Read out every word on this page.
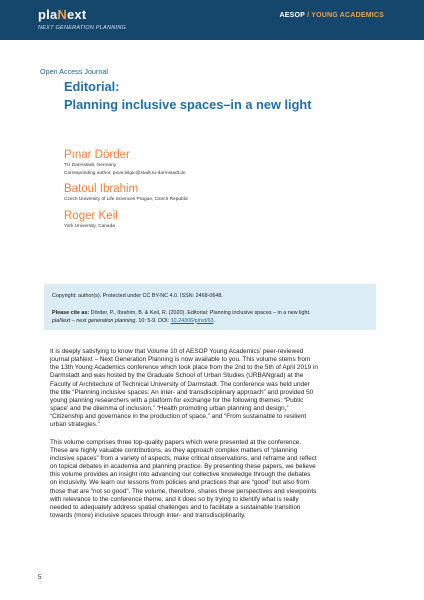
plaNext
NEXT GENERATION PLANNING
AESOP / YOUNG ACADEMICS
Open Access Journal
Editorial:
Planning inclusive spaces–in a new light
Pınar Dörder
TU Darmstadt, Germany
Corresponding author, pinar.bilgic@stadt.tu-darmstadt.de
Batoul Ibrahim
Czech University of Life Sciences Prague, Czech Republic
Roger Keil
York University, Canada
Copyright: author(s). Protected under CC BY-NC 4.0. ISSN: 2468-0648.
Please cite as: Dörder, P., Ibrahim, B. & Keil, R. (2020). Editorial: Planning inclusive spaces – in a new light.
plaNext – next generation planning. 10: 5-9. DOI: 10.24306/plnxt/63.

It is deeply satisfying to know that Volume 10 of AESOP Young Academics' peer-reviewed
journal plaNext – Next Generation Planning is now available to you. This volume stems from
the 13th Young Academics conference which took place from the 2nd to the 5th of April 2019 in
Darmstadt and was hosted by the Graduate School of Urban Studies (URBANgrad) at the
Faculty of Architecture of Technical University of Darmstadt. The conference was held under
the title “Planning inclusive spaces: An inter- and transdisciplinary approach” and provided 50
young planning researchers with a platform for exchange for the following themes: “Public
space' and the dilemma of inclusion,” “Health promoting urban planning and design,”
“Citizenship and governance in the production of space,” and “From sustainable to resilient
urban strategies.”

This volume comprises three top-quality papers which were presented at the conference.
These are highly valuable contributions, as they approach complex matters of “planning
inclusive spaces” from a variety of aspects, make critical observations, and reframe and reflect
on topical debates in academia and planning practice. By presenting these papers, we believe
this volume provides an insight into advancing our collective knowledge through the debates
on inclusivity. We learn our lessons from policies and practices that are “good” but also from
those that are “not so good”. The volume, therefore, shares these perspectives and viewpoints
with relevance to the conference theme, and it does so by trying to identify what is really
needed to adequately address spatial challenges and to facilitate a sustainable transition
towards (more) inclusive spaces through inter- and transdisciplinarity.

5
